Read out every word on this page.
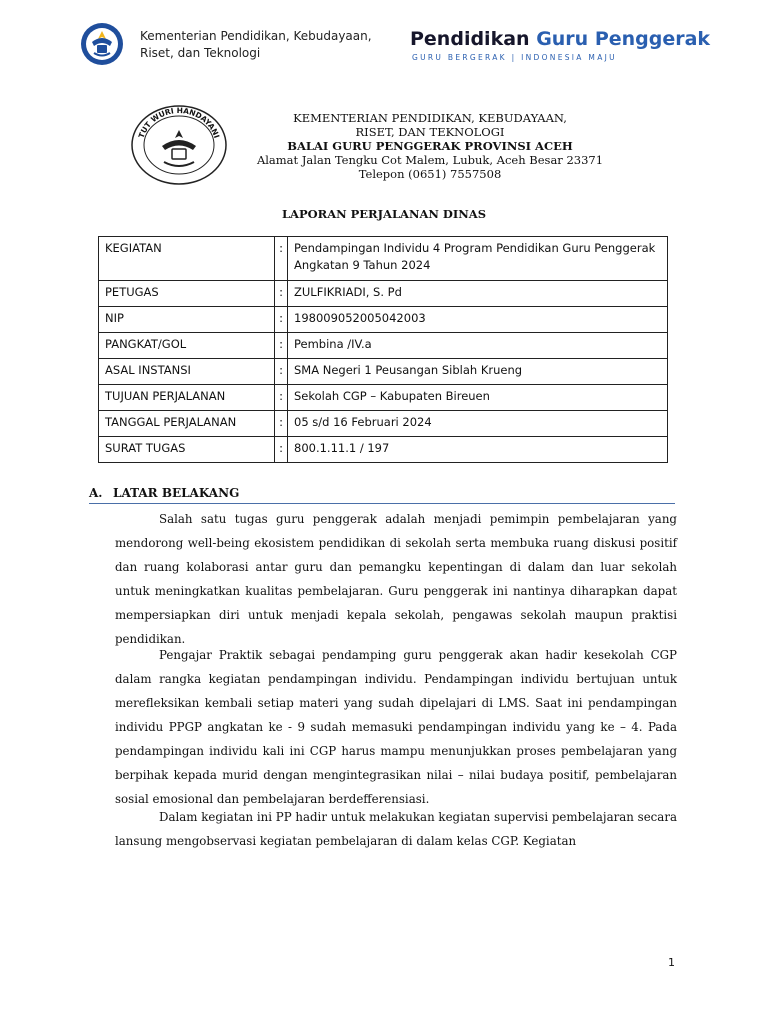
Kementerian Pendidikan, Kebudayaan,
Riset, dan Teknologi
Pendidikan Guru Penggerak
GURU BERGERAK | INDONESIA MAJU
TUT WURI HANDAYANI
KEMENTERIAN PENDIDIKAN, KEBUDAYAAN,
RISET, DAN TEKNOLOGI
BALAI GURU PENGGERAK PROVINSI ACEH
Alamat Jalan Tengku Cot Malem, Lubuk, Aceh Besar 23371
Telepon (0651) 7557508
LAPORAN PERJALANAN DINAS
KEGIATAN	:	Pendampingan Individu 4 Program Pendidikan Guru Penggerak Angkatan 9 Tahun 2024
PETUGAS	:	ZULFIKRIADI, S. Pd
NIP	:	198009052005042003
PANGKAT/GOL	:	Pembina /IV.a
ASAL INSTANSI	:	SMA Negeri 1 Peusangan Siblah Krueng
TUJUAN PERJALANAN	:	Sekolah CGP – Kabupaten Bireuen
TANGGAL PERJALANAN	:	05 s/d 16 Februari 2024
SURAT TUGAS	:	800.1.11.1 / 197
A. LATAR BELAKANG

Salah satu tugas guru penggerak adalah menjadi pemimpin pembelajaran yang mendorong well-being ekosistem pendidikan di sekolah serta membuka ruang diskusi positif dan ruang kolaborasi antar guru dan pemangku kepentingan di dalam dan luar sekolah untuk meningkatkan kualitas pembelajaran. Guru penggerak ini nantinya diharapkan dapat mempersiapkan diri untuk menjadi kepala sekolah, pengawas sekolah maupun praktisi pendidikan.

Pengajar Praktik sebagai pendamping guru penggerak akan hadir kesekolah CGP dalam rangka kegiatan pendampingan individu. Pendampingan individu bertujuan untuk merefleksikan kembali setiap materi yang sudah dipelajari di LMS. Saat ini pendampingan individu PPGP angkatan ke - 9 sudah memasuki pendampingan individu yang ke – 4. Pada pendampingan individu kali ini CGP harus mampu menunjukkan proses pembelajaran yang berpihak kepada murid dengan mengintegrasikan nilai – nilai budaya positif, pembelajaran sosial emosional dan pembelajaran berdefferensiasi.

Dalam kegiatan ini PP hadir untuk melakukan kegiatan supervisi pembelajaran secara lansung mengobservasi kegiatan pembelajaran di dalam kelas CGP. Kegiatan

1
